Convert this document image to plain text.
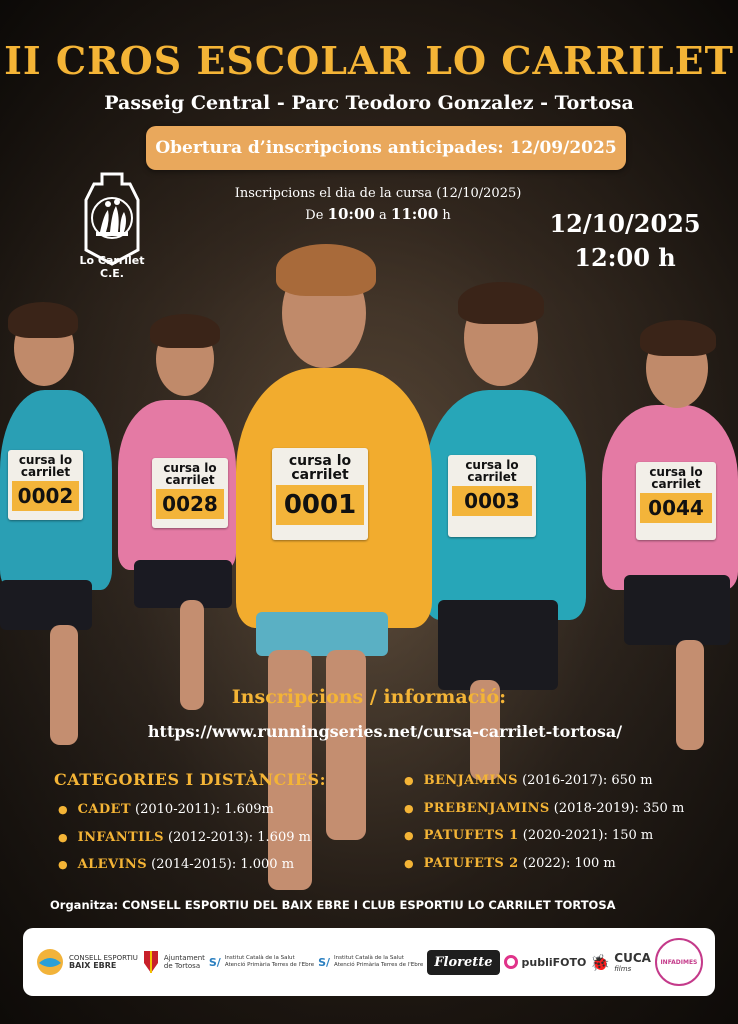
cursa lo carrilet
0002
cursa lo carrilet
0028
cursa lo carrilet
0003
cursa lo carrilet
0044
cursa lo carrilet
0001
II CROS ESCOLAR LO CARRILET
Passeig Central - Parc Teodoro Gonzalez - Tortosa
Obertura d’inscripcions anticipades: 12/09/2025
Inscripcions el dia de la cursa (12/10/2025)
De 10:00 a 11:00 h	12/10/2025
12:00 h
Lo Carrilet
C.E.
Inscripcions / informació:
https://www.runningseries.net/cursa-carrilet-tortosa/
CATEGORIES I DISTÀNCIES:
● CADET (2010-2011): 1.609m
● INFANTILS (2012-2013): 1.609 m
● ALEVINS (2014-2015): 1.000 m
● BENJAMINS (2016-2017): 650 m
● PREBENJAMINS (2018-2019): 350 m
● PATUFETS 1 (2020-2021): 150 m
● PATUFETS 2 (2022): 100 m
Organitza: CONSELL ESPORTIU DEL BAIX EBRE I CLUB ESPORTIU LO CARRILET TORTOSA
CONSELL ESPORTIU
BAIX EBRE
Ajuntament
de Tortosa S/ Institut Català de la Salut
Atenció Primària Terres de l'Ebre S/ Institut Català de la Salut
Atenció Primària Terres de l'Ebre Florette	publiFOTO 🐞 CUCA
films
INFADIMES
